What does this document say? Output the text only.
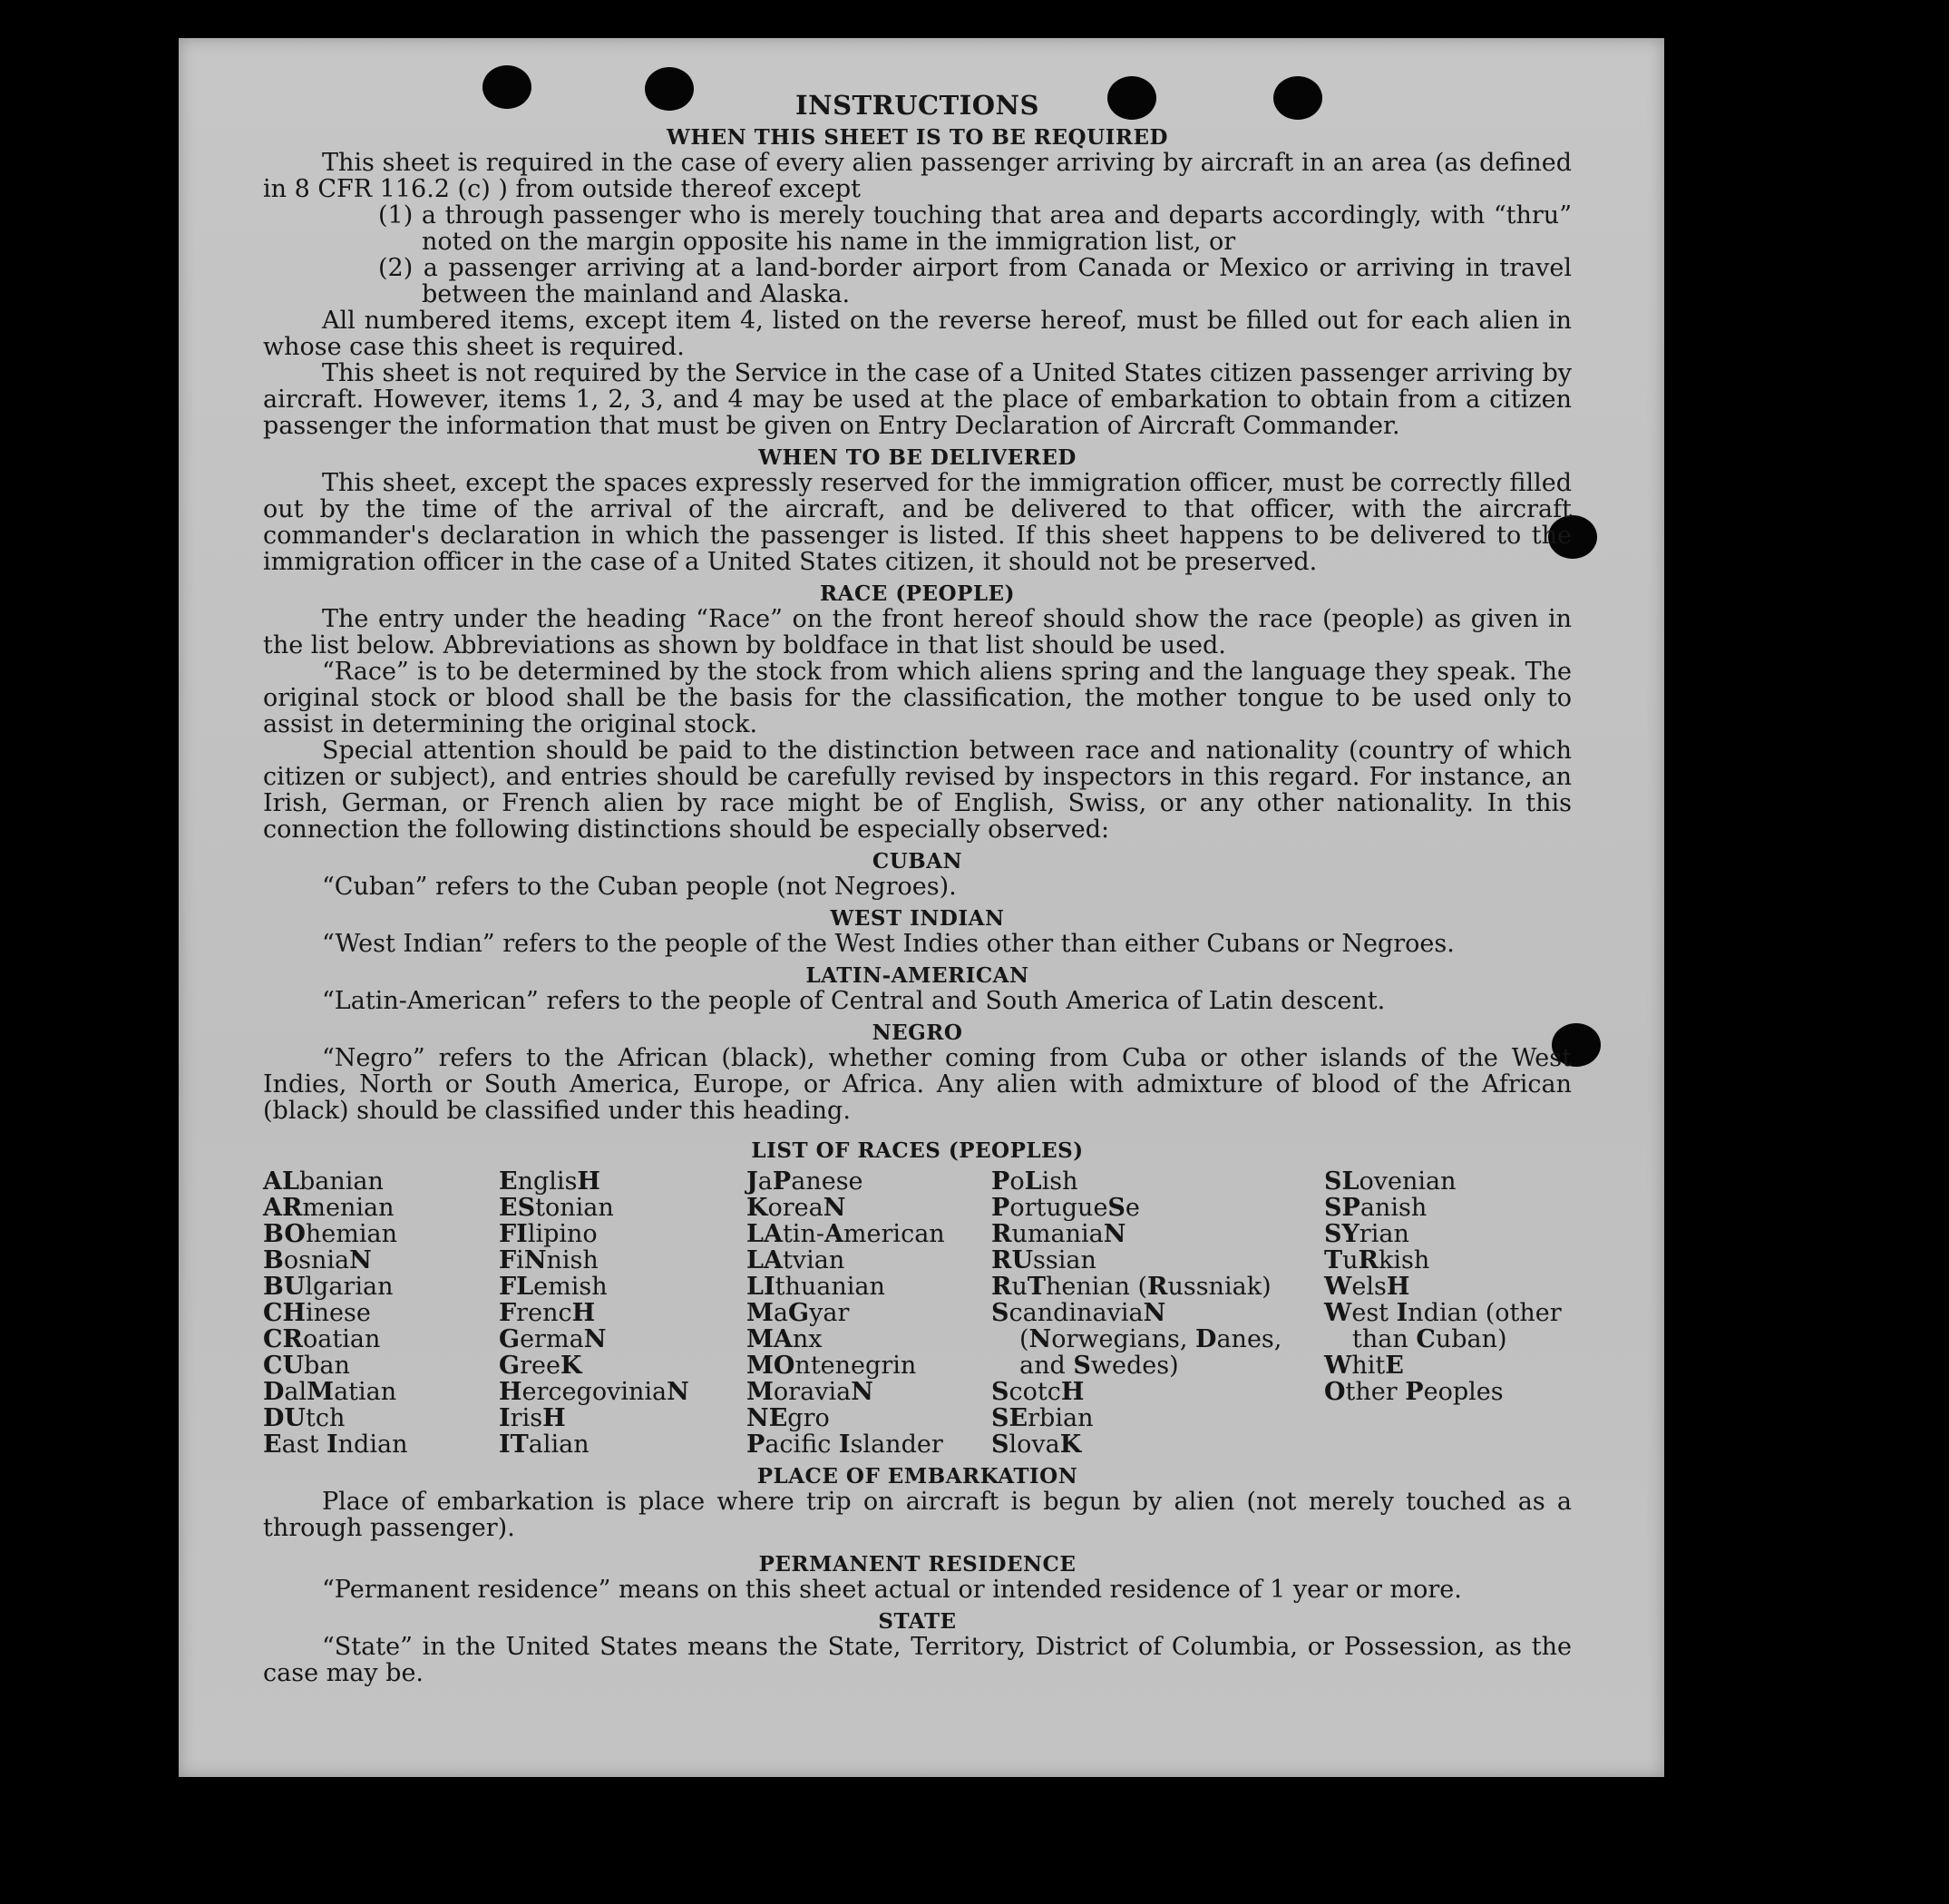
INSTRUCTIONS
WHEN THIS SHEET IS TO BE REQUIRED

This sheet is required in the case of every alien passenger arriving by aircraft in an area (as defined in 8 CFR 116.2 (c) ) from outside thereof except

(1) a through passenger who is merely touching that area and departs accordingly, with “thru” noted on the margin opposite his name in the immigration list, or

(2) a passenger arriving at a land-border airport from Canada or Mexico or arriving in travel between the mainland and Alaska.

All numbered items, except item 4, listed on the reverse hereof, must be filled out for each alien in whose case this sheet is required.

This sheet is not required by the Service in the case of a United States citizen passenger arriving by aircraft. However, items 1, 2, 3, and 4 may be used at the place of embarkation to obtain from a citizen passenger the information that must be given on Entry Declaration of Aircraft Commander.

WHEN TO BE DELIVERED

This sheet, except the spaces expressly reserved for the immigration officer, must be correctly filled out by the time of the arrival of the aircraft, and be delivered to that officer, with the aircraft commander's declaration in which the passenger is listed. If this sheet happens to be delivered to the immigration officer in the case of a United States citizen, it should not be preserved.

RACE (PEOPLE)

The entry under the heading “Race” on the front hereof should show the race (people) as given in the list below. Abbreviations as shown by boldface in that list should be used.

“Race” is to be determined by the stock from which aliens spring and the language they speak. The original stock or blood shall be the basis for the classification, the mother tongue to be used only to assist in determining the original stock.

Special attention should be paid to the distinction between race and nationality (country of which citizen or subject), and entries should be carefully revised by inspectors in this regard. For instance, an Irish, German, or French alien by race might be of English, Swiss, or any other nationality. In this connection the following distinctions should be especially observed:

CUBAN

“Cuban” refers to the Cuban people (not Negroes).

WEST INDIAN

“West Indian” refers to the people of the West Indies other than either Cubans or Negroes.

LATIN-AMERICAN

“Latin-American” refers to the people of Central and South America of Latin descent.

NEGRO

“Negro” refers to the African (black), whether coming from Cuba or other islands of the West Indies, North or South America, Europe, or Africa. Any alien with admixture of blood of the African (black) should be classified under this heading.

LIST OF RACES (PEOPLES)
ALbanian
ARmenian
BOhemian
BosniaN
BUlgarian
CHinese
CRoatian
CUban
DalMatian
DUtch
East Indian
EnglisH
EStonian
FIlipino
FiNnish
FLemish
FrencH
GermaN
GreeK
HercegoviniaN
IrisH
ITalian
JaPanese
KoreaN
LAtin-American
LAtvian
LIthuanian
MaGyar
MAnx
MOntenegrin
MoraviaN
NEgro
Pacifc Islander
PoLish
PortugueSe
RumaniaN
RUssian
RuThenian (Russniak)
ScandinaviaN (Norwegians, Danes, and Swedes)
ScotcH
SErbian
SlovaK
SLovenian
SPanish
SYrian
TuRkish
WelsH
West Indian (other than Cuban)
WhitE
Other Peoples
PLACE OF EMBARKATION

Place of embarkation is place where trip on aircraft is begun by alien (not merely touched as a through passenger).

PERMANENT RESIDENCE

“Permanent residence” means on this sheet actual or intended residence of 1 year or more.

STATE

“State” in the United States means the State, Territory, District of Columbia, or Possession, as the case may be.
